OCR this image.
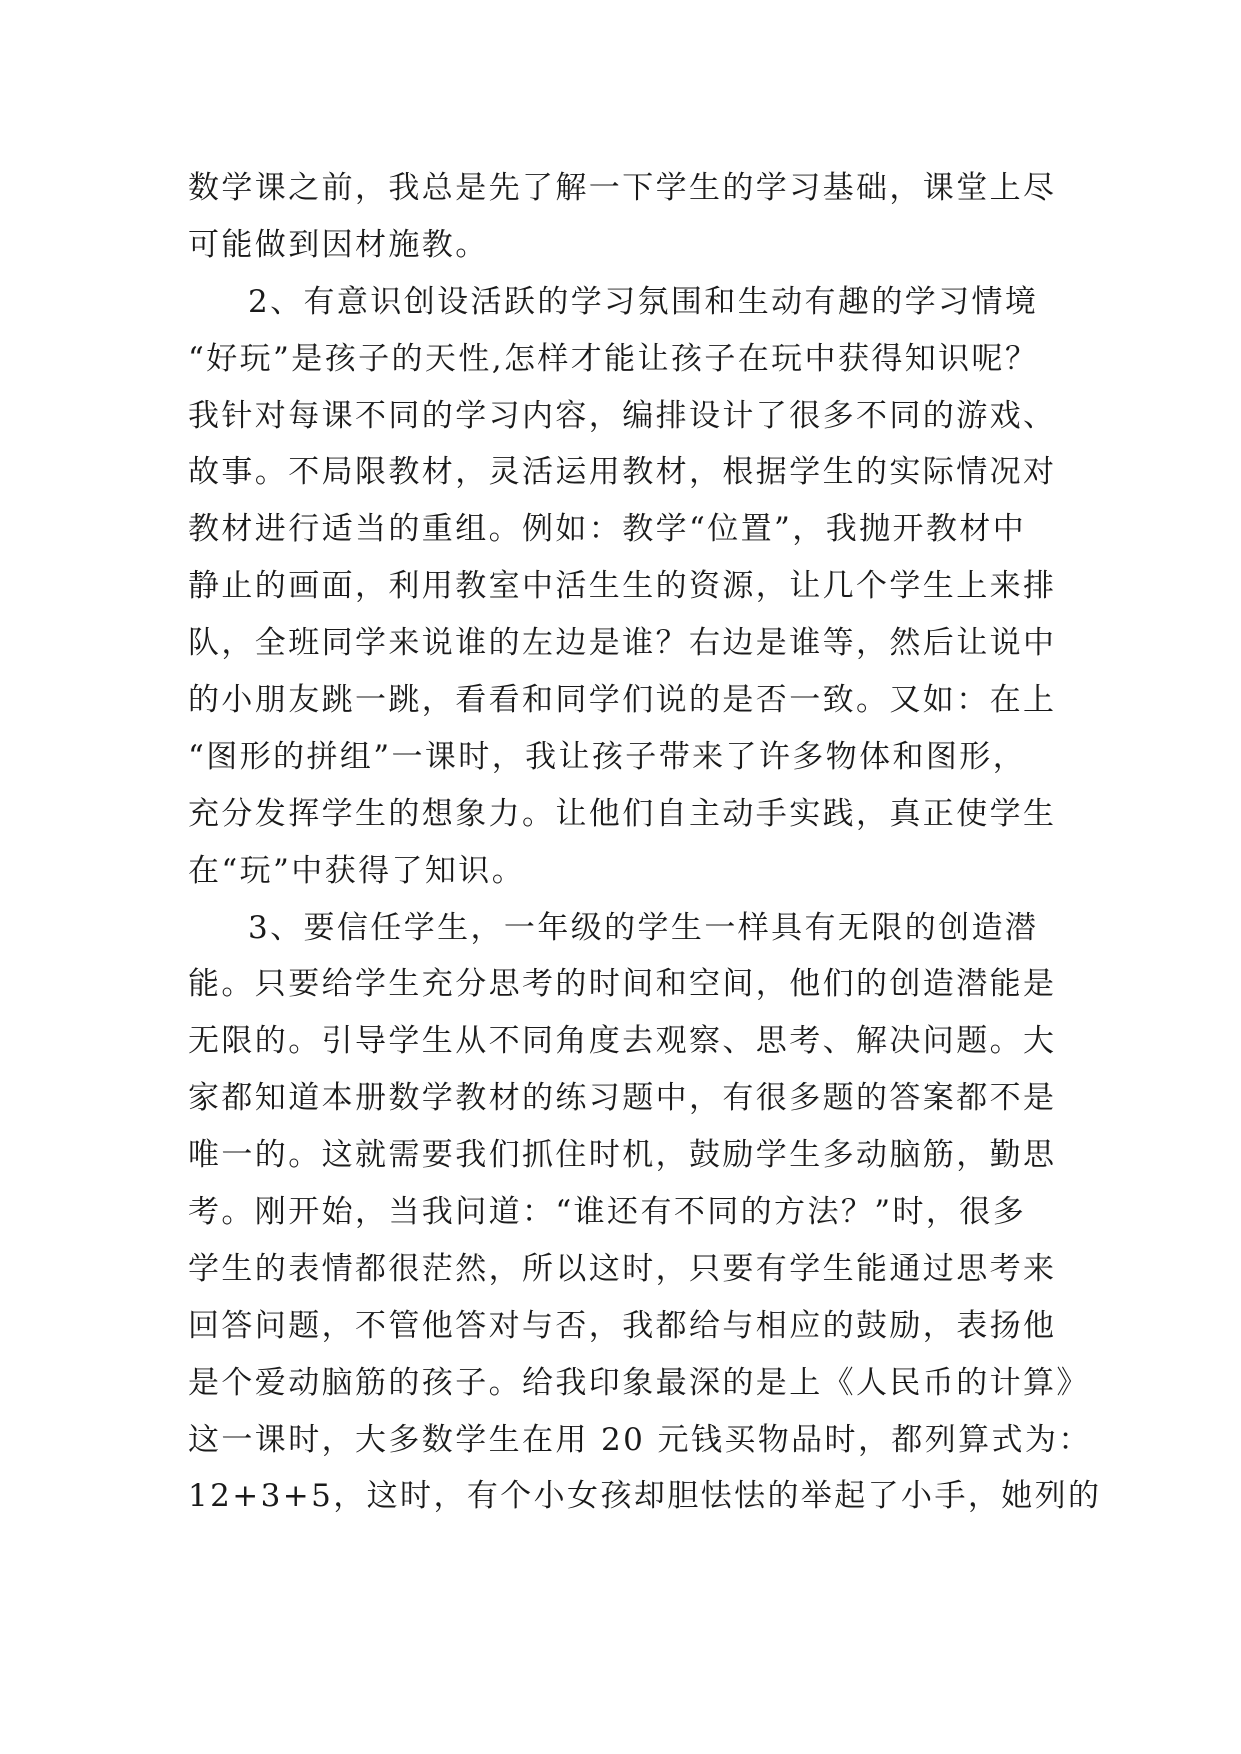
数学课之前，我总是先了解一下学生的学习基础，课堂上尽
可能做到因材施教。
2、有意识创设活跃的学习氛围和生动有趣的学习情境
“好玩”是孩子的天性,怎样才能让孩子在玩中获得知识呢？
我针对每课不同的学习内容，编排设计了很多不同的游戏、
故事。不局限教材，灵活运用教材，根据学生的实际情况对
教材进行适当的重组。例如：教学“位置”，我抛开教材中
静止的画面，利用教室中活生生的资源，让几个学生上来排
队，全班同学来说谁的左边是谁？右边是谁等，然后让说中
的小朋友跳一跳，看看和同学们说的是否一致。又如：在上
“图形的拼组”一课时，我让孩子带来了许多物体和图形，
充分发挥学生的想象力。让他们自主动手实践，真正使学生
在“玩”中获得了知识。
3、要信任学生，一年级的学生一样具有无限的创造潜
能。只要给学生充分思考的时间和空间，他们的创造潜能是
无限的。引导学生从不同角度去观察、思考、解决问题。大
家都知道本册数学教材的练习题中，有很多题的答案都不是
唯一的。这就需要我们抓住时机，鼓励学生多动脑筋，勤思
考。刚开始，当我问道：“谁还有不同的方法？”时，很多
学生的表情都很茫然，所以这时，只要有学生能通过思考来
回答问题，不管他答对与否，我都给与相应的鼓励，表扬他
是个爱动脑筋的孩子。给我印象最深的是上《人民币的计算》
这一课时，大多数学生在用 20 元钱买物品时，都列算式为：
12+3+5，这时，有个小女孩却胆怯怯的举起了小手，她列的
